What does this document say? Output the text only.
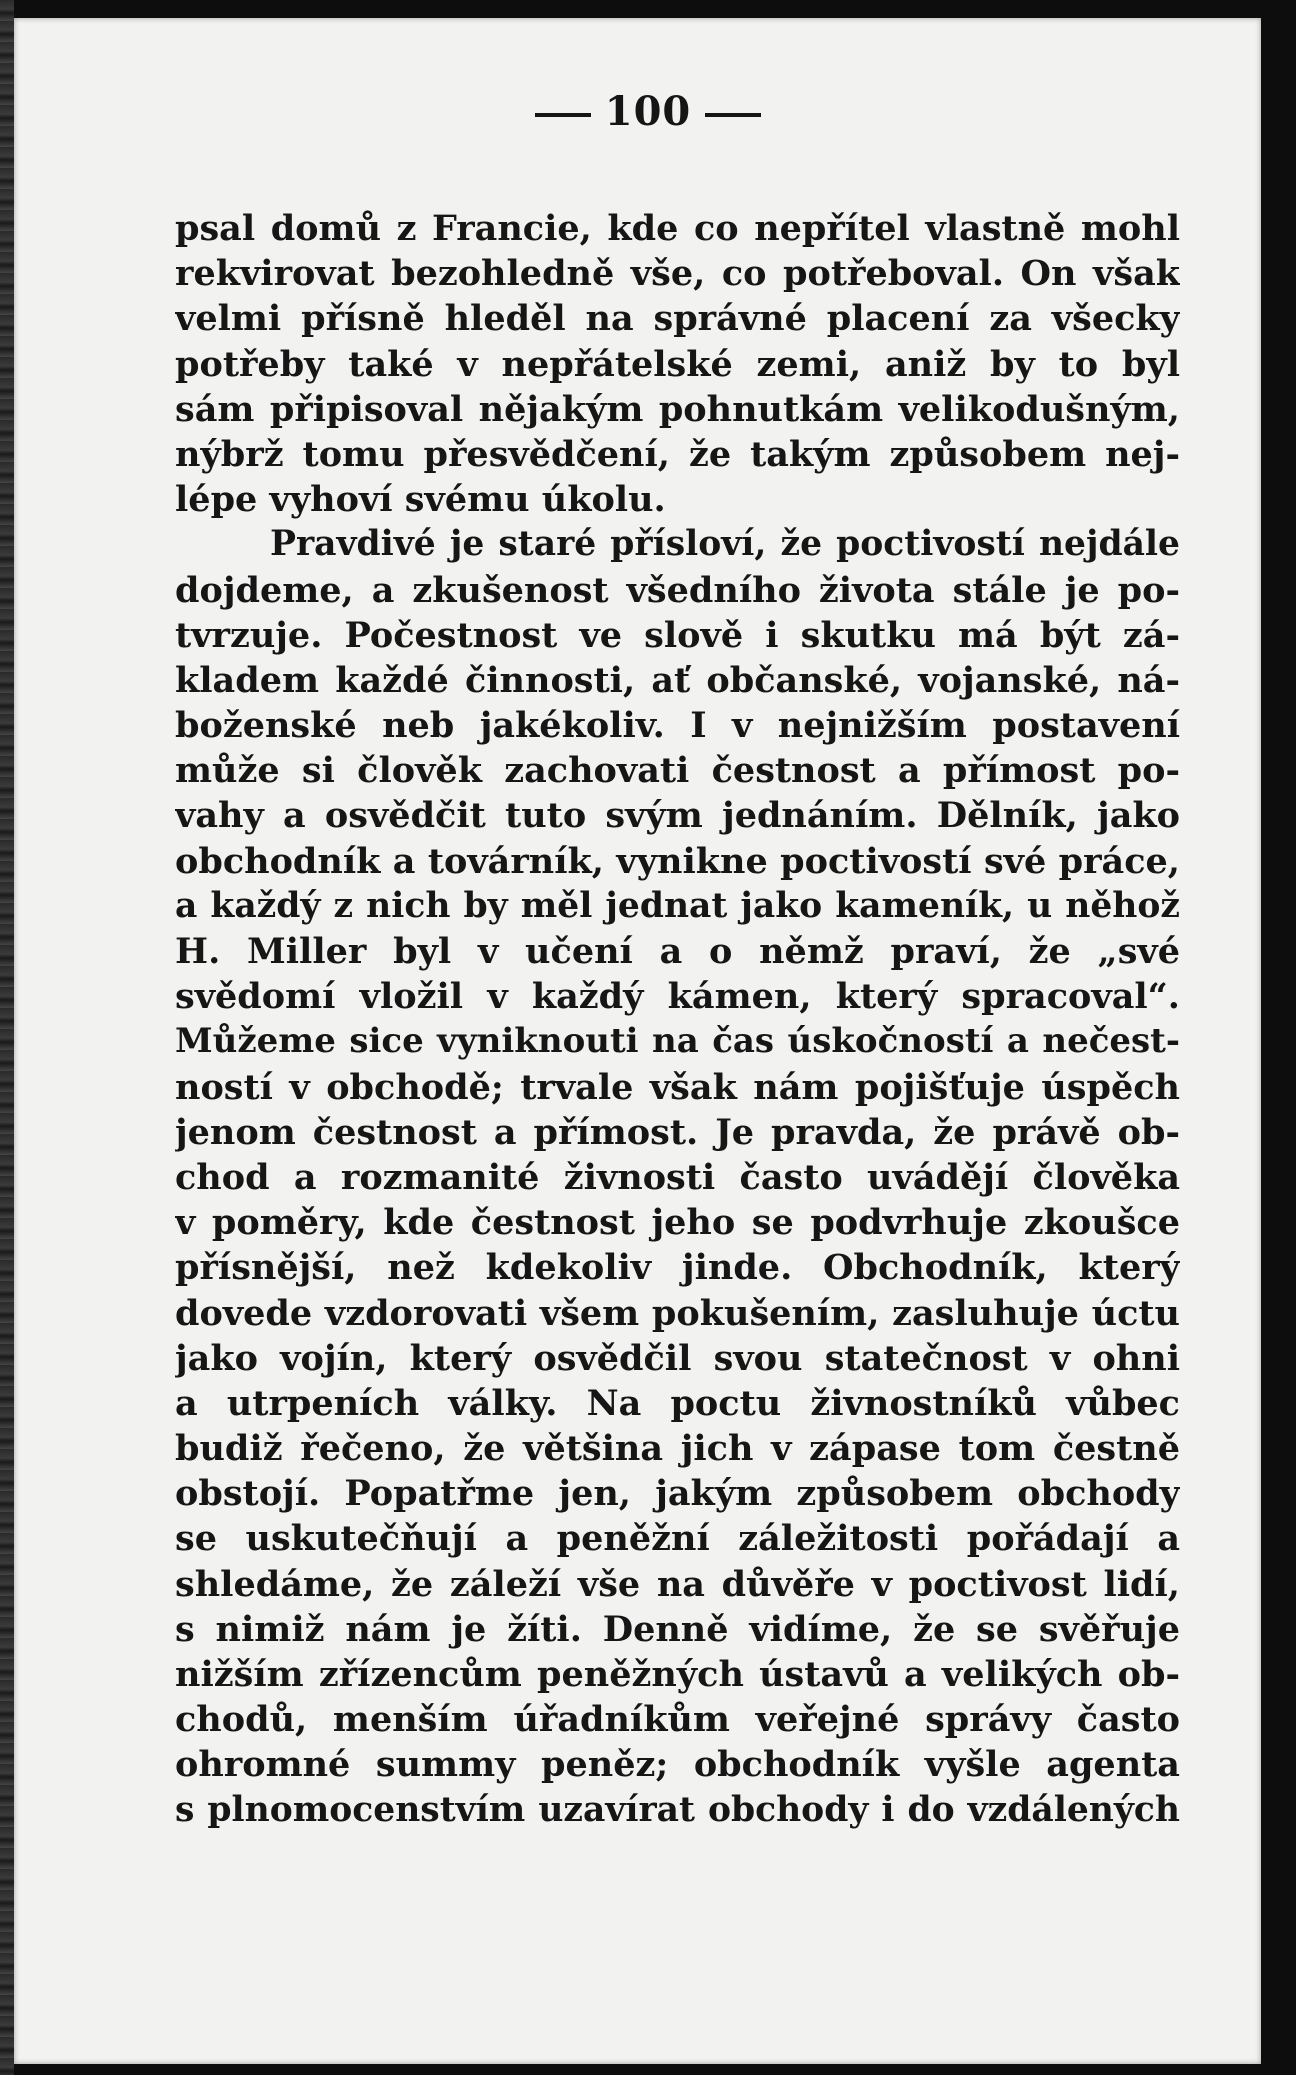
100
psal domů z Francie, kde co nepřítel vlastně mohl
rekvirovat bezohledně vše, co potřeboval. On však
velmi přísně hleděl na správné placení za všecky
potřeby také v nepřátelské zemi, aniž by to byl
sám připisoval nějakým pohnutkám velikodušným,
nýbrž tomu přesvědčení, že takým způsobem nej-
lépe vyhoví svému úkolu.
Pravdivé je staré přísloví, že poctivostí nejdále
dojdeme, a zkušenost všedního života stále je po-
tvrzuje. Počestnost ve slově i skutku má být zá-
kladem každé činnosti, ať občanské, vojanské, ná-
boženské neb jakékoliv. I v nejnižším postavení
může si člověk zachovati čestnost a přímost po-
vahy a osvědčit tuto svým jednáním. Dělník, jako
obchodník a továrník, vynikne poctivostí své práce,
a každý z nich by měl jednat jako kameník, u něhož
H. Miller byl v učení a o němž praví, že „své
svědomí vložil v každý kámen, který spracoval“.
Můžeme sice vyniknouti na čas úskočností a nečest-
ností v obchodě; trvale však nám pojišťuje úspěch
jenom čestnost a přímost. Je pravda, že právě ob-
chod a rozmanité živnosti často uvádějí člověka
v poměry, kde čestnost jeho se podvrhuje zkoušce
přísnější, než kdekoliv jinde. Obchodník, který
dovede vzdorovati všem pokušením, zasluhuje úctu
jako vojín, který osvědčil svou statečnost v ohni
a utrpeních války. Na poctu živnostníků vůbec
budiž řečeno, že většina jich v zápase tom čestně
obstojí. Popatřme jen, jakým způsobem obchody
se uskutečňují a peněžní záležitosti pořádají a
shledáme, že záleží vše na důvěře v poctivost lidí,
s nimiž nám je žíti. Denně vidíme, že se svěřuje
nižším zřízencům peněžných ústavů a velikých ob-
chodů, menším úřadníkům veřejné správy často
ohromné summy peněz; obchodník vyšle agenta
s plnomocenstvím uzavírat obchody i do vzdálených
